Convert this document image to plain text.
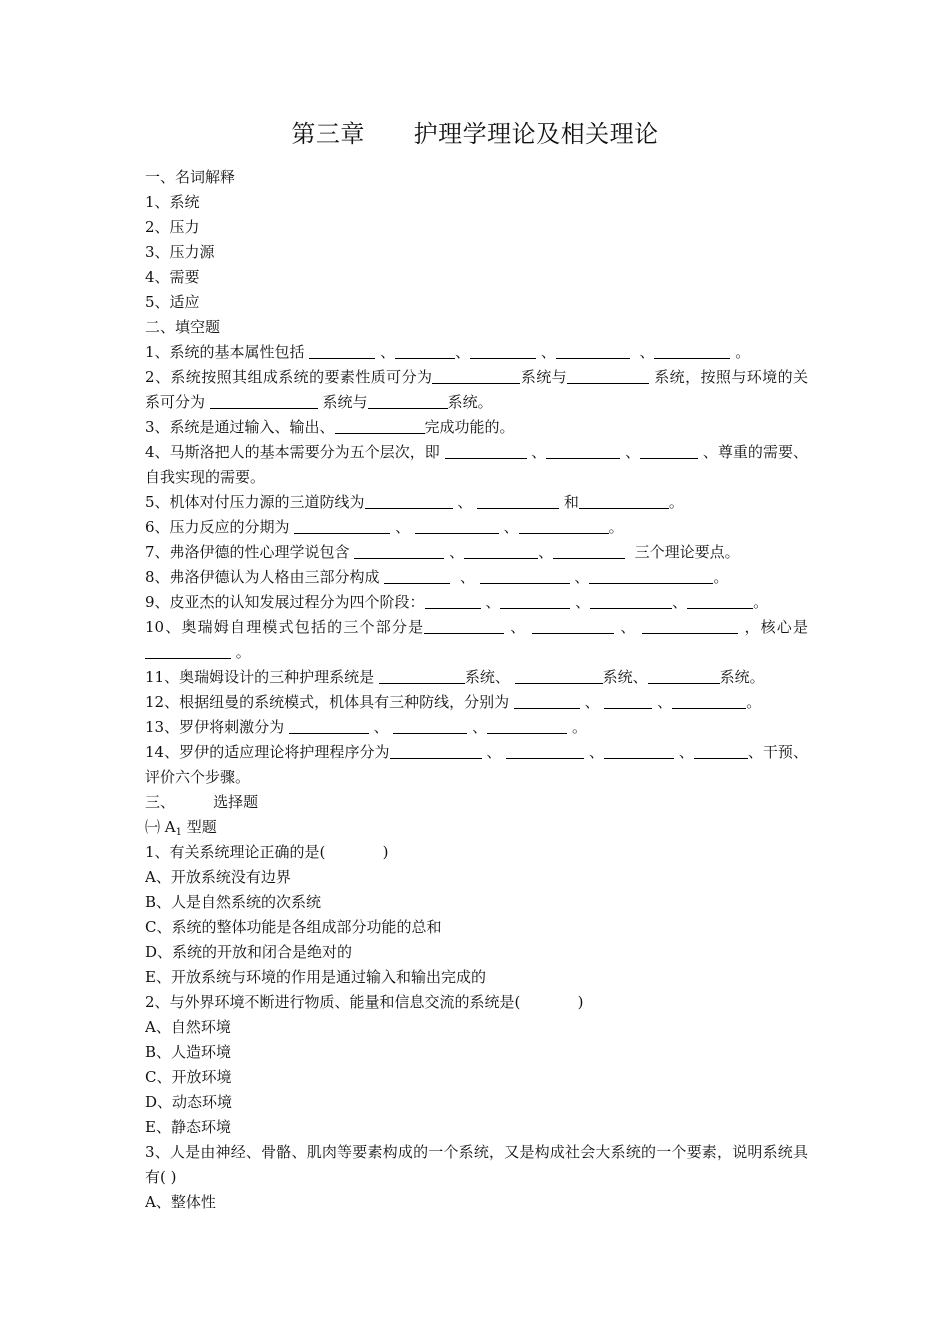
第三章      护理学理论及相关理论
一、名词解释
1、系统
2、压力
3、压力源
4、需要
5、适应
二、填空题
1、系统的基本属性包括	、	、	、	、	。
2、系统按照其组成系统的要素性质可分为	系统与	系统，按照与环境的关系可分为	系统与	系统。
3、系统是通过输入、输出、	完成功能的。
4、马斯洛把人的基本需要分为五个层次，即	、	、	、尊重的需要、自我实现的需要。
5、机体对付压力源的三道防线为	、	和	。
6、压力反应的分期为	、	、	。
7、弗洛伊德的性心理学说包含	、	、	三个理论要点。
8、弗洛伊德认为人格由三部分构成	、	、	。
9、皮亚杰的认知发展过程分为四个阶段：	、	、	、	。
10、奥瑞姆自理模式包括的三个部分是	、	、	，核心是  。
11、奥瑞姆设计的三种护理系统是	系统、	系统、	系统。
12、根据纽曼的系统模式，机体具有三种防线，分别为	、	、	。
13、罗伊将刺激分为	、	、	。
14、罗伊的适应理论将护理程序分为	、	、	、	、干预、评价六个步骤。
三、        选择题
㈠ $A_1$ 型题
1、有关系统理论正确的是(            )
A、开放系统没有边界
B、人是自然系统的次系统
C、系统的整体功能是各组成部分功能的总和
D、系统的开放和闭合是绝对的
E、开放系统与环境的作用是通过输入和输出完成的
2、与外界环境不断进行物质、能量和信息交流的系统是(            )
A、自然环境
B、人造环境
C、开放环境
D、动态环境
E、静态环境
3、人是由神经、骨骼、肌肉等要素构成的一个系统，又是构成社会大系统的一个要素，说明系统具有( )
A、整体性
